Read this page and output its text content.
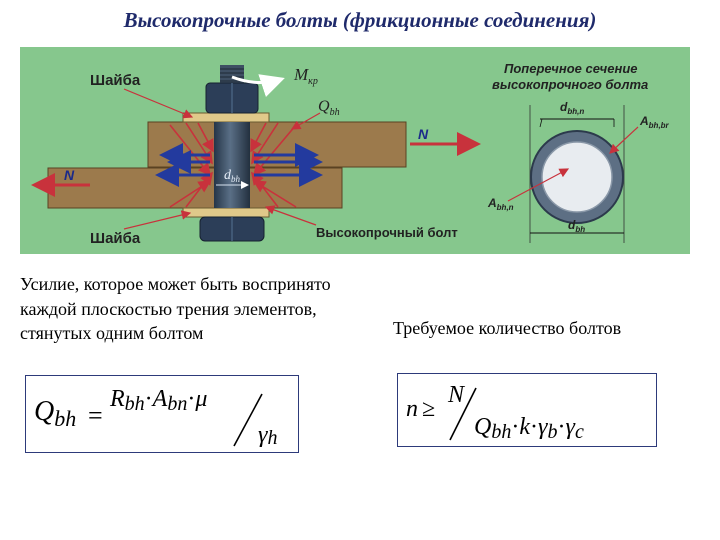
Высокопрочные болты (фрикционные соединения)
Шайба
Шайба
$M_{кр}$
$Q_{bh}$
$d_{bh}$
N
N
Высокопрочный болт
Поперечное сечение
высокопрочного болта
$d_{bh,n}$
$A_{bh,br}$
$A_{bh,n}$
$d_{bh}$
Усилие, которое может быть воспринято каждой плоскостью трения элементов, стянутых одним болтом	Требуемое количество болтов
$Q_{bh}$ =
Rbh·Abn·μ
γh
n ≥
N
Qbh·k·γb·γc
